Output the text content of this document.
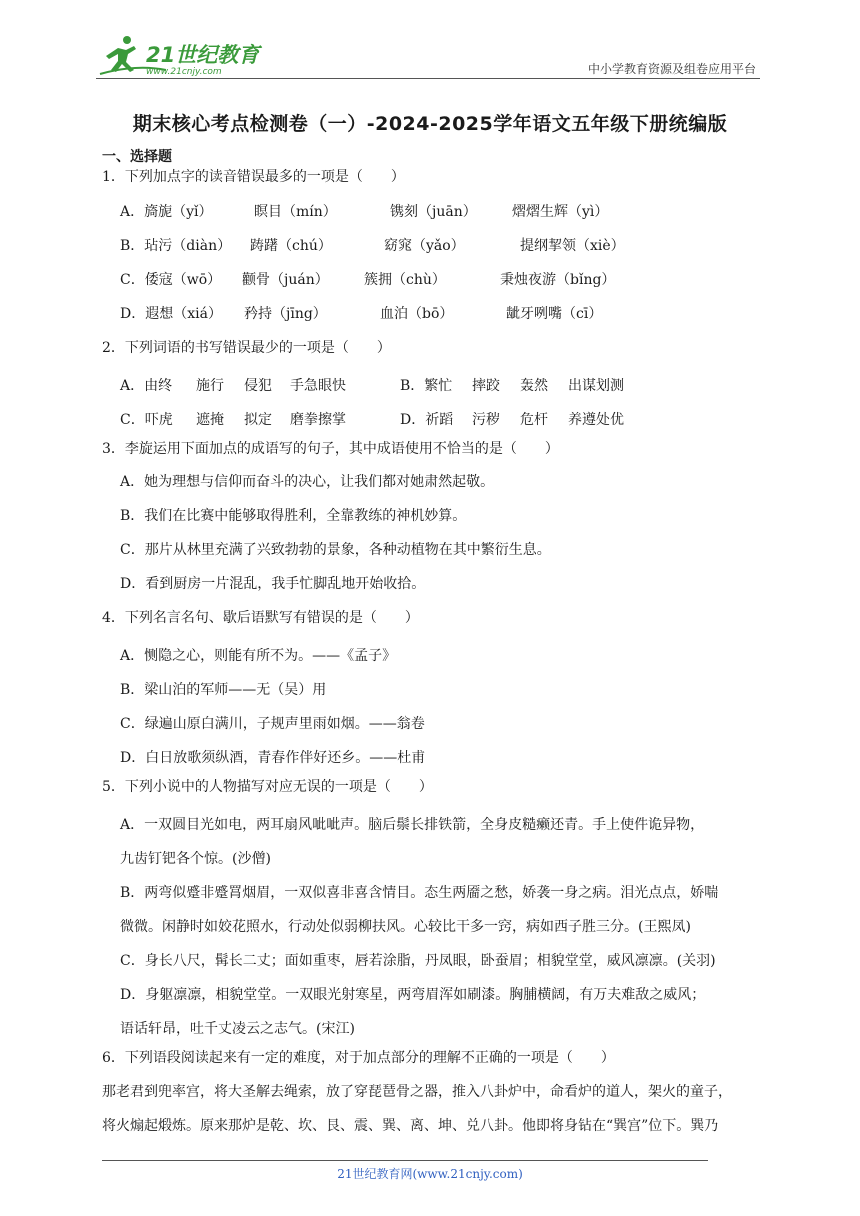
21世纪教育
www.21cnjy.com	中小学教育资源及组卷应用平台
期末核心考点检测卷（一）-2024-2025学年语文五年级下册统编版
一、选择题
1．下列加点字的读音错误最多的一项是（　　）
A．旖旎（yǐ）	瞑目（mín）	镌刻（juān）	熠熠生辉（yì）
B．玷污（diàn） 踌躇（chú）	窈窕（yǎo）	提纲挈领（xiè）
C．倭寇（wō） 颧骨（juán）	簇拥（chù）	秉烛夜游（bǐng）
D．遐想（xiá） 矜持（jīng）	血泊（bō）	龇牙咧嘴（cī）
2．下列词语的书写错误最少的一项是（　　）
A．由终 施行 侵犯 手急眼快	B．繁忙 摔跤 轰然 出谋划测
C．吓虎 遮掩 拟定 磨拳擦掌	D．祈蹈 污秽 危杆 养遵处优
3．李旋运用下面加点的成语写的句子，其中成语使用不恰当的是（　　）
A．她为理想与信仰而奋斗的决心，让我们都对她肃然起敬。
B．我们在比赛中能够取得胜利，全靠教练的神机妙算。
C．那片从林里充满了兴致勃勃的景象，各种动植物在其中繁衍生息。
D．看到厨房一片混乱，我手忙脚乱地开始收拾。
4．下列名言名句、歇后语默写有错误的是（　　）
A．恻隐之心，则能有所不为。——《孟子》
B．梁山泊的军师——无（吴）用
C．绿遍山原白满川，子规声里雨如烟。——翁卷
D．白日放歌须纵酒，青春作伴好还乡。——杜甫
5．下列小说中的人物描写对应无误的一项是（　　）
A．一双圆目光如电，两耳扇风呲呲声。脑后鬃长排铁箭，全身皮糙癞还青。手上使件诡异物，
九齿钉钯各个惊。(沙僧)
B．两弯似蹙非蹙罥烟眉，一双似喜非喜含情目。态生两靥之愁，娇袭一身之病。泪光点点，娇喘
微微。闲静时如姣花照水，行动处似弱柳扶风。心较比干多一窍，病如西子胜三分。(王熙凤)
C．身长八尺，髯长二丈；面如重枣，唇若涂脂，丹凤眼，卧蚕眉；相貌堂堂，威风凛凛。(关羽)
D．身躯凛凛，相貌堂堂。一双眼光射寒星，两弯眉浑如刷漆。胸脯横阔，有万夫难敌之威风；
语话轩昂，吐千丈凌云之志气。(宋江)
6．下列语段阅读起来有一定的难度，对于加点部分的理解不正确的一项是（　　）
那老君到兜率宫，将大圣解去绳索，放了穿琵琶骨之器，推入八卦炉中，命看炉的道人，架火的童子，
将火煽起煅炼。原来那炉是乾、坎、艮、震、巽、离、坤、兑八卦。他即将身钻在“巽宫”位下。巽乃
21世纪教育网(www.21cnjy.com)
